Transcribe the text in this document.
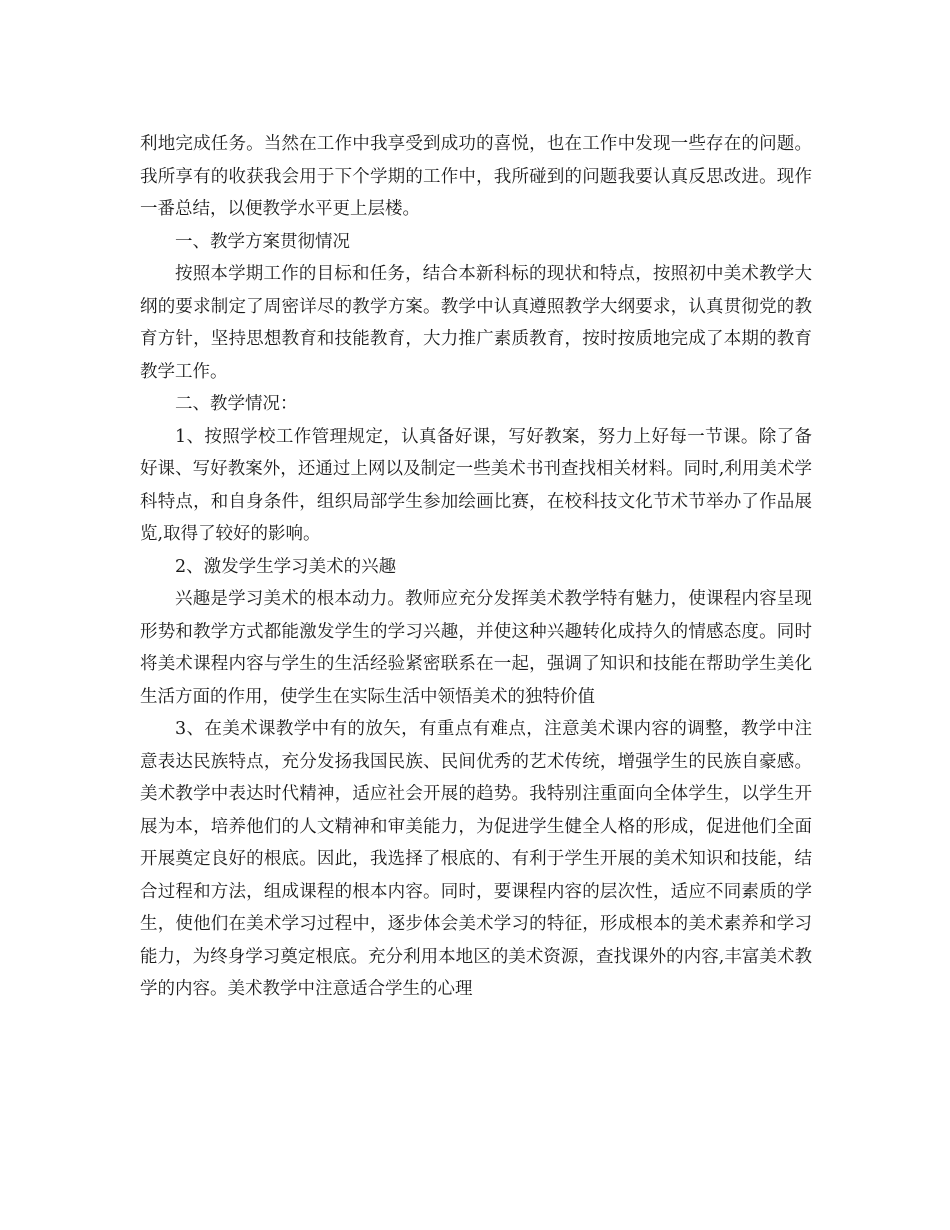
利地完成任务。当然在工作中我享受到成功的喜悦，也在工作中发现一些存在的问题。我所享有的收获我会用于下个学期的工作中，我所碰到的问题我要认真反思改进。现作一番总结，以便教学水平更上层楼。

一、教学方案贯彻情况

按照本学期工作的目标和任务，结合本新科标的现状和特点，按照初中美术教学大纲的要求制定了周密详尽的教学方案。教学中认真遵照教学大纲要求，认真贯彻党的教育方针，坚持思想教育和技能教育，大力推广素质教育，按时按质地完成了本期的教育教学工作。

二、教学情况：

1、按照学校工作管理规定，认真备好课，写好教案，努力上好每一节课。除了备好课、写好教案外，还通过上网以及制定一些美术书刊查找相关材料。同时,利用美术学科特点，和自身条件，组织局部学生参加绘画比赛，在校科技文化节术节举办了作品展览,取得了较好的影响。

2、激发学生学习美术的兴趣

兴趣是学习美术的根本动力。教师应充分发挥美术教学特有魅力，使课程内容呈现形势和教学方式都能激发学生的学习兴趣，并使这种兴趣转化成持久的情感态度。同时将美术课程内容与学生的生活经验紧密联系在一起，强调了知识和技能在帮助学生美化生活方面的作用，使学生在实际生活中领悟美术的独特价值

3、在美术课教学中有的放矢，有重点有难点，注意美术课内容的调整，教学中注意表达民族特点，充分发扬我国民族、民间优秀的艺术传统，增强学生的民族自豪感。美术教学中表达时代精神，适应社会开展的趋势。我特别注重面向全体学生，以学生开展为本，培养他们的人文精神和审美能力，为促进学生健全人格的形成，促进他们全面开展奠定良好的根底。因此，我选择了根底的、有利于学生开展的美术知识和技能，结合过程和方法，组成课程的根本内容。同时，要课程内容的层次性，适应不同素质的学生，使他们在美术学习过程中，逐步体会美术学习的特征，形成根本的美术素养和学习能力，为终身学习奠定根底。充分利用本地区的美术资源，查找课外的内容,丰富美术教学的内容。美术教学中注意适合学生的心理
